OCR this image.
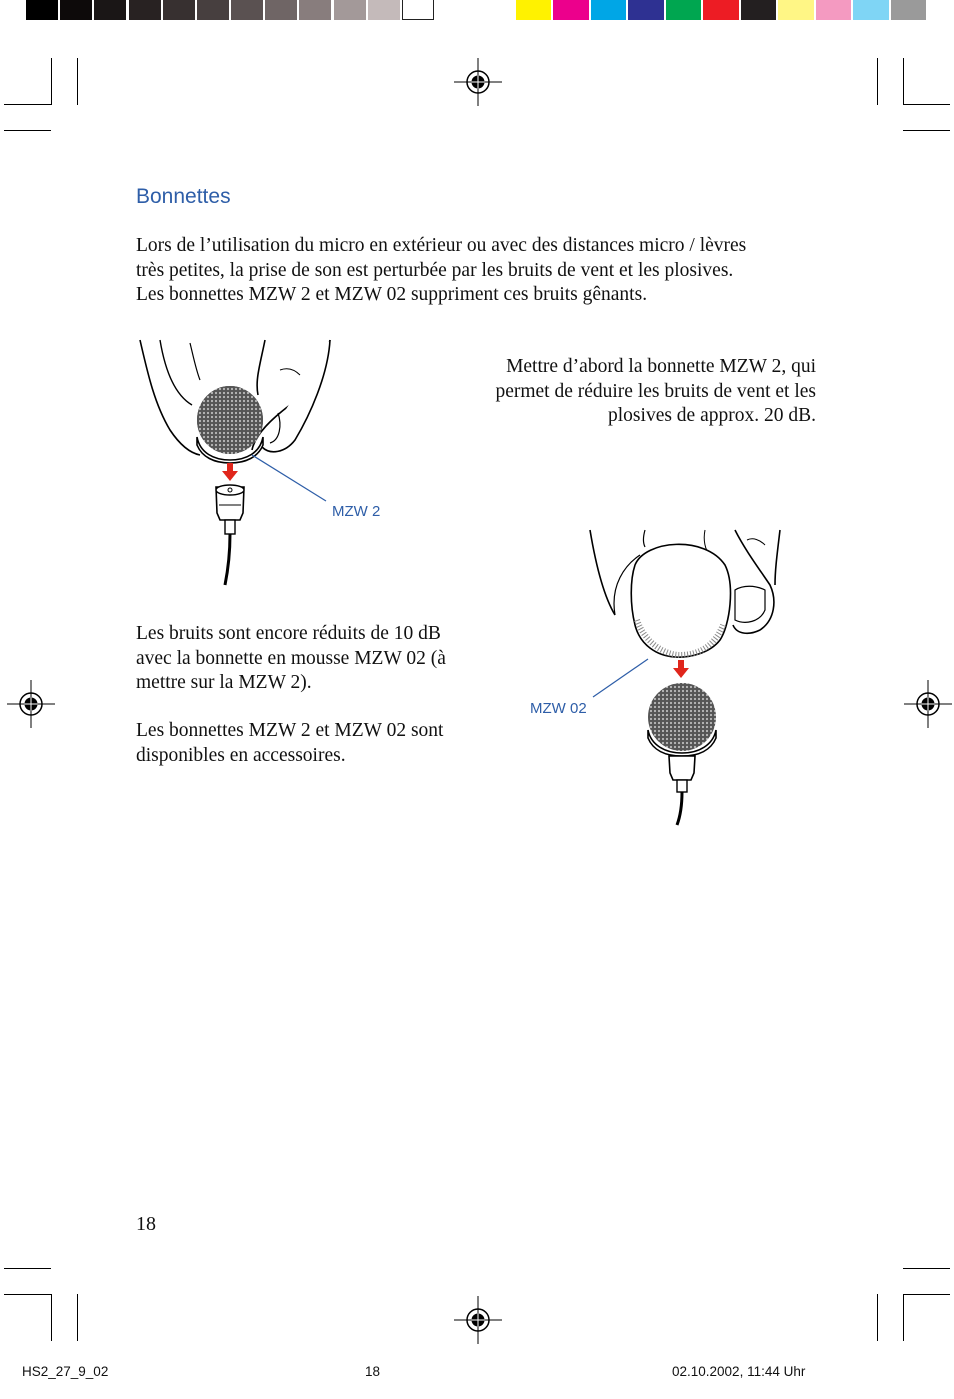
Bonnettes
Lors de l’utilisation du micro en extérieur ou avec des distances micro / lèvres
très petites, la prise de son est perturbée par les bruits de vent et les plosives.
Les bonnettes MZW 2 et MZW 02 suppriment ces bruits gênants.
Mettre d’abord la bonnette MZW 2, qui
permet de réduire les bruits de vent et les
plosives de approx. 20 dB.
MZW 2
MZW 02
Les bruits sont encore réduits de 10 dB
avec la bonnette en mousse MZW 02 (à
mettre sur la MZW 2).
Les bonnettes MZW 2 et MZW 02 sont
disponibles en accessoires.
18
HS2_27_9_02	18	02.10.2002, 11:44 Uhr
